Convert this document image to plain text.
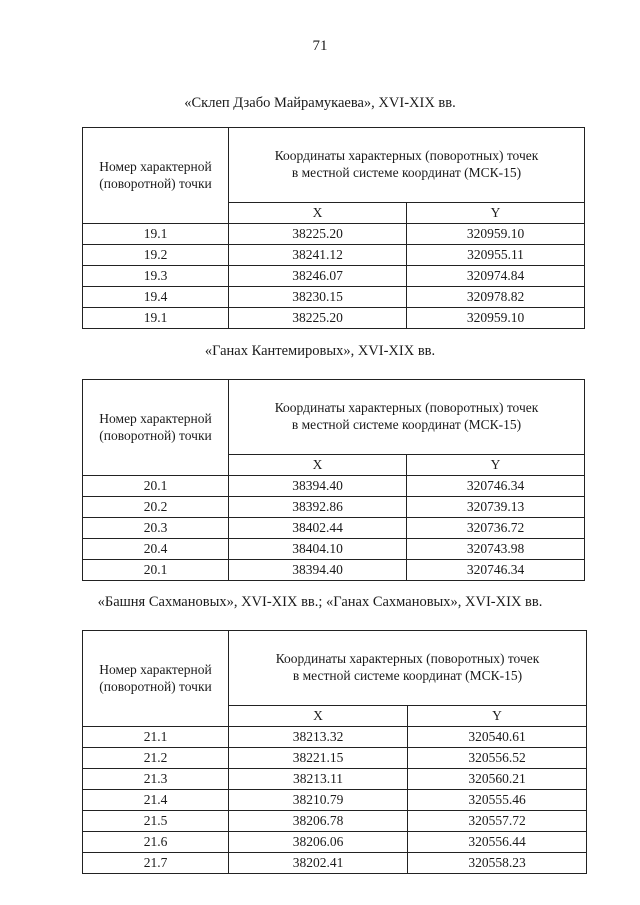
71
«Склеп Дзабо Майрамукаева», XVI-XIX вв.
Номер характерной
(поворотной) точки	Координаты характерных (поворотных) точек
в местной системе координат (МСК-15)	
	X	Y
19.1	38225.20	320959.10
19.2	38241.12	320955.11
19.3	38246.07	320974.84
19.4	38230.15	320978.82
19.1	38225.20	320959.10
«Ганах Кантемировых», XVI-XIX вв.
Номер характерной
(поворотной) точки	Координаты характерных (поворотных) точек
в местной системе координат (МСК-15)	
	X	Y
20.1	38394.40	320746.34
20.2	38392.86	320739.13
20.3	38402.44	320736.72
20.4	38404.10	320743.98
20.1	38394.40	320746.34
«Башня Сахмановых», XVI-XIX вв.; «Ганах Сахмановых», XVI-XIX вв.
Номер характерной
(поворотной) точки	Координаты характерных (поворотных) точек
в местной системе координат (МСК-15)	
	X	Y
21.1	38213.32	320540.61
21.2	38221.15	320556.52
21.3	38213.11	320560.21
21.4	38210.79	320555.46
21.5	38206.78	320557.72
21.6	38206.06	320556.44
21.7	38202.41	320558.23
